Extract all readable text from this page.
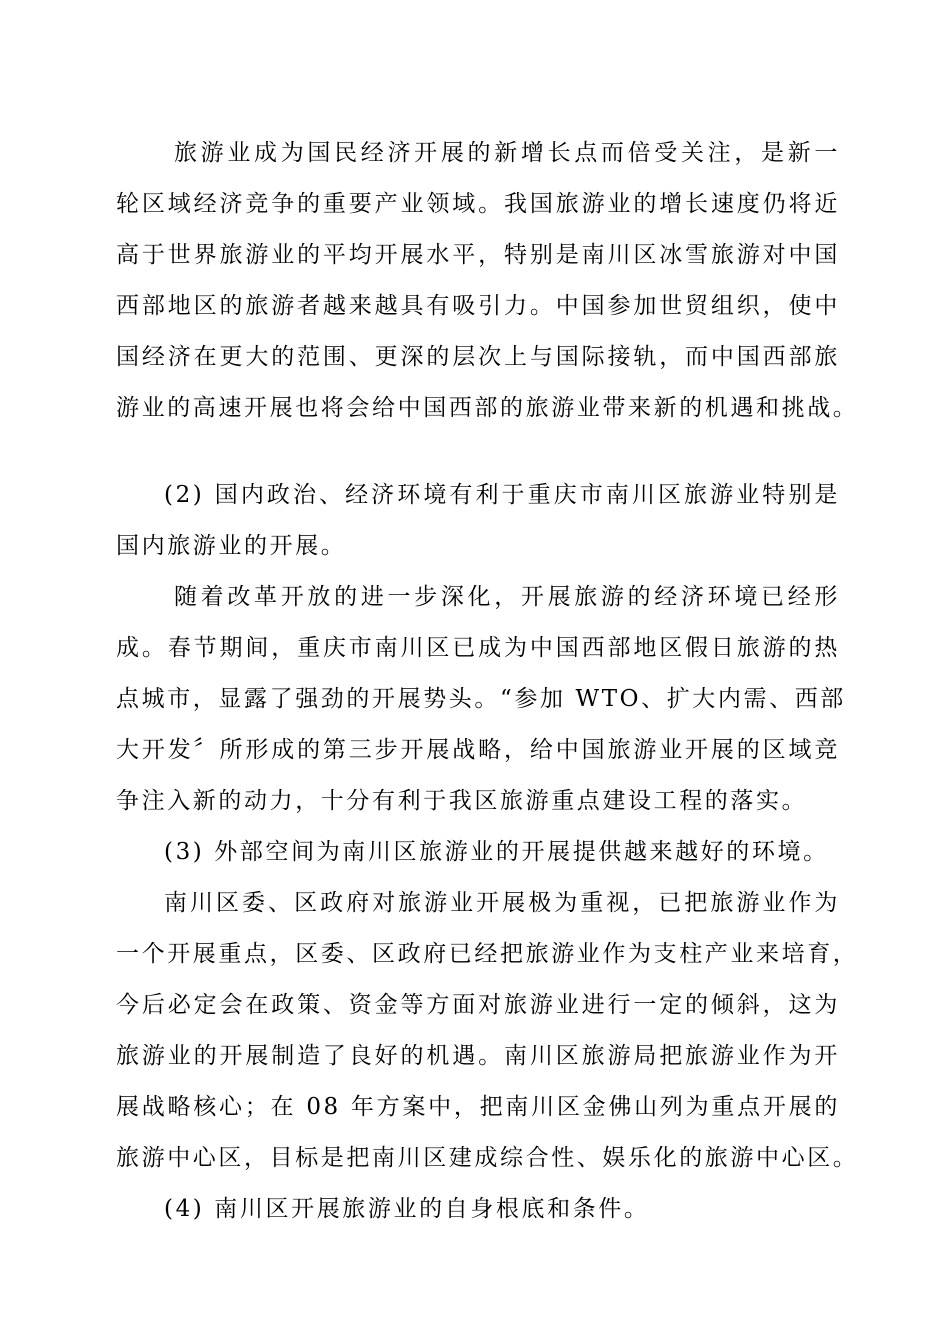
旅游业成为国民经济开展的新增长点而倍受关注，是新一
轮区域经济竞争的重要产业领域。我国旅游业的增长速度仍将近
高于世界旅游业的平均开展水平，特别是南川区冰雪旅游对中国
西部地区的旅游者越来越具有吸引力。中国参加世贸组织，使中
国经济在更大的范围、更深的层次上与国际接轨，而中国西部旅
游业的高速开展也将会给中国西部的旅游业带来新的机遇和挑战。
(2) 国内政治、经济环境有利于重庆市南川区旅游业特别是
国内旅游业的开展。
随着改革开放的进一步深化，开展旅游的经济环境已经形
成。春节期间，重庆市南川区已成为中国西部地区假日旅游的热
点城市，显露了强劲的开展势头。“参加 WTO、扩大内需、西部
大开发〞所形成的第三步开展战略，给中国旅游业开展的区域竞
争注入新的动力，十分有利于我区旅游重点建设工程的落实。
(3) 外部空间为南川区旅游业的开展提供越来越好的环境。
南川区委、区政府对旅游业开展极为重视，已把旅游业作为
一个开展重点，区委、区政府已经把旅游业作为支柱产业来培育，
今后必定会在政策、资金等方面对旅游业进行一定的倾斜，这为
旅游业的开展制造了良好的机遇。南川区旅游局把旅游业作为开
展战略核心；在 08 年方案中，把南川区金佛山列为重点开展的
旅游中心区，目标是把南川区建成综合性、娱乐化的旅游中心区。
(4) 南川区开展旅游业的自身根底和条件。
